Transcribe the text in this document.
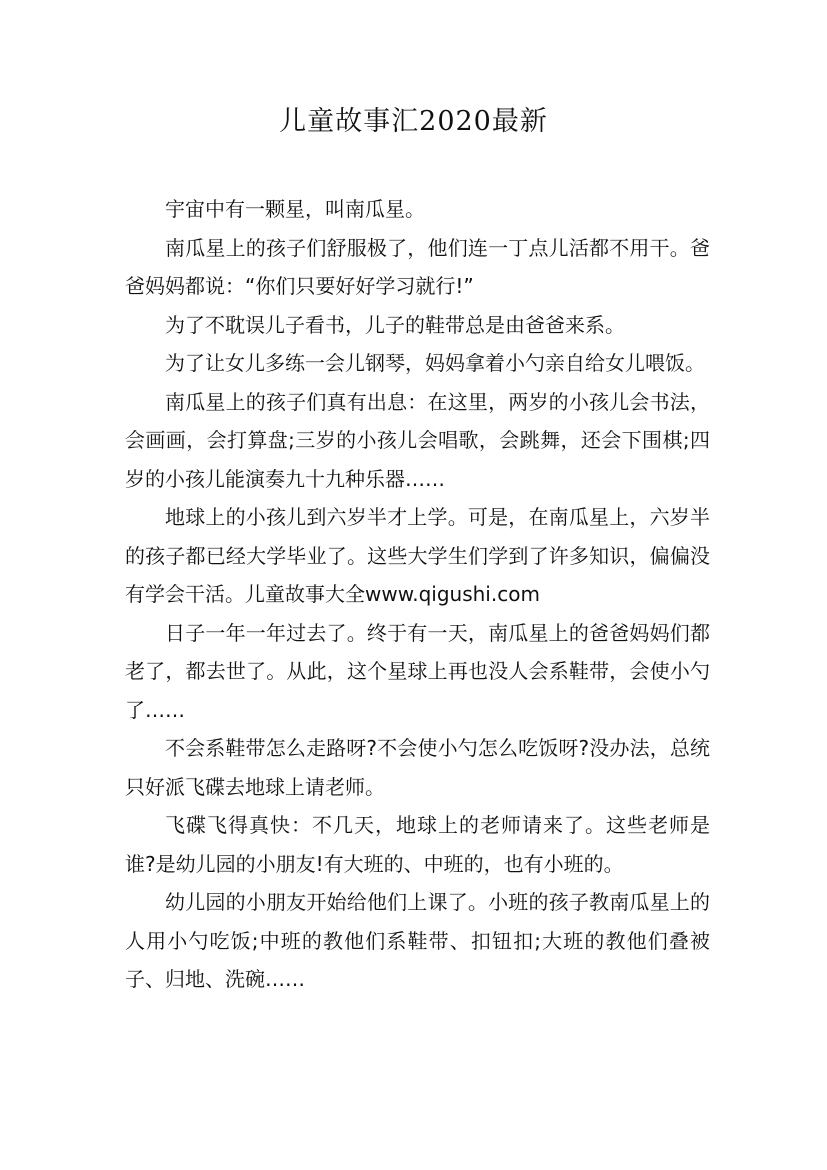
儿童故事汇2020最新

宇宙中有一颗星，叫南瓜星。

南瓜星上的孩子们舒服极了，他们连一丁点儿活都不用干。爸爸妈妈都说：“你们只要好好学习就行!”

为了不耽误儿子看书，儿子的鞋带总是由爸爸来系。

为了让女儿多练一会儿钢琴，妈妈拿着小勺亲自给女儿喂饭。

南瓜星上的孩子们真有出息：在这里，两岁的小孩儿会书法，会画画，会打算盘;三岁的小孩儿会唱歌，会跳舞，还会下围棋;四岁的小孩儿能演奏九十九种乐器……

地球上的小孩儿到六岁半才上学。可是，在南瓜星上，六岁半的孩子都已经大学毕业了。这些大学生们学到了许多知识，偏偏没有学会干活。儿童故事大全www.qigushi.com

日子一年一年过去了。终于有一天，南瓜星上的爸爸妈妈们都老了，都去世了。从此，这个星球上再也没人会系鞋带，会使小勺了……

不会系鞋带怎么走路呀?不会使小勺怎么吃饭呀?没办法，总统只好派飞碟去地球上请老师。

飞碟飞得真快：不几天，地球上的老师请来了。这些老师是谁?是幼儿园的小朋友!有大班的、中班的，也有小班的。

幼儿园的小朋友开始给他们上课了。小班的孩子教南瓜星上的人用小勺吃饭;中班的教他们系鞋带、扣钮扣;大班的教他们叠被子、归地、洗碗……
